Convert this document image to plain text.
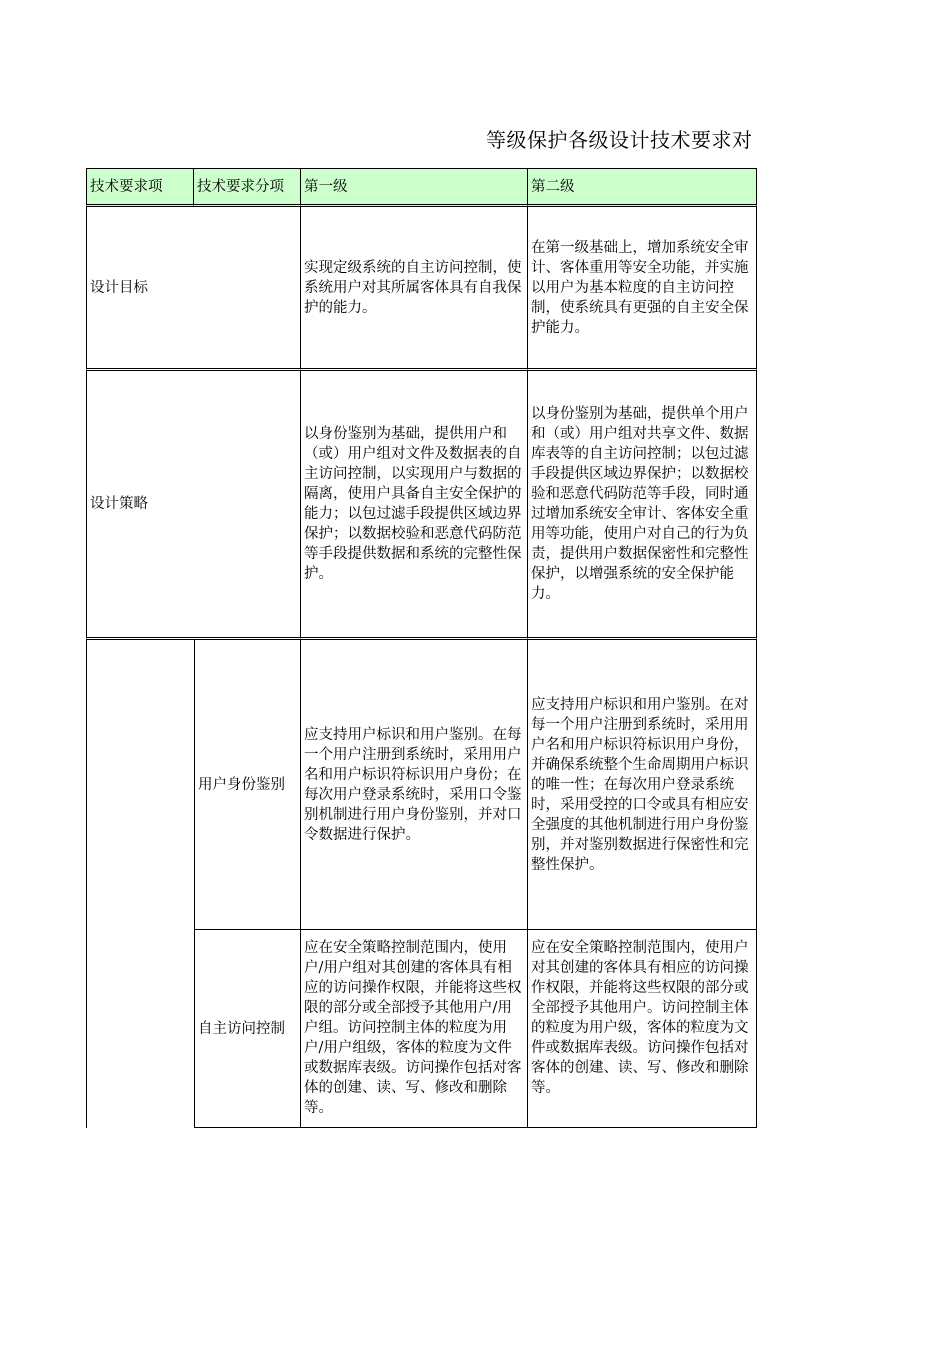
等级保护各级设计技术要求对
技术要求项 技术要求分项 第一级	第二级
设计目标
实现定级系统的自主访问控制，使系统用户对其所属客体具有自我保护的能力。
在第一级基础上，增加系统安全审计、客体重用等安全功能，并实施以用户为基本粒度的自主访问控制，使系统具有更强的自主安全保护能力。
设计策略
以身份鉴别为基础，提供用户和（或）用户组对文件及数据表的自主访问控制，以实现用户与数据的隔离，使用户具备自主安全保护的能力；以包过滤手段提供区域边界保护；以数据校验和恶意代码防范等手段提供数据和系统的完整性保护。
以身份鉴别为基础，提供单个用户和（或）用户组对共享文件、数据库表等的自主访问控制；以包过滤手段提供区域边界保护；以数据校验和恶意代码防范等手段，同时通过增加系统安全审计、客体安全重用等功能，使用户对自己的行为负责，提供用户数据保密性和完整性保护，以增强系统的安全保护能力。
用户身份鉴别
应支持用户标识和用户鉴别。在每一个用户注册到系统时，采用用户名和用户标识符标识用户身份；在每次用户登录系统时，采用口令鉴别机制进行用户身份鉴别，并对口令数据进行保护。
应支持用户标识和用户鉴别。在对每一个用户注册到系统时，采用用户名和用户标识符标识用户身份，并确保系统整个生命周期用户标识的唯一性；在每次用户登录系统时，采用受控的口令或具有相应安全强度的其他机制进行用户身份鉴别，并对鉴别数据进行保密性和完整性保护。
自主访问控制
应在安全策略控制范围内，使用户/用户组对其创建的客体具有相应的访问操作权限，并能将这些权限的部分或全部授予其他用户/用户组。访问控制主体的粒度为用户/用户组级，客体的粒度为文件或数据库表级。访问操作包括对客体的创建、读、写、修改和删除等。
应在安全策略控制范围内，使用户对其创建的客体具有相应的访问操作权限，并能将这些权限的部分或全部授予其他用户。访问控制主体的粒度为用户级，客体的粒度为文件或数据库表级。访问操作包括对客体的创建、读、写、修改和删除等。
